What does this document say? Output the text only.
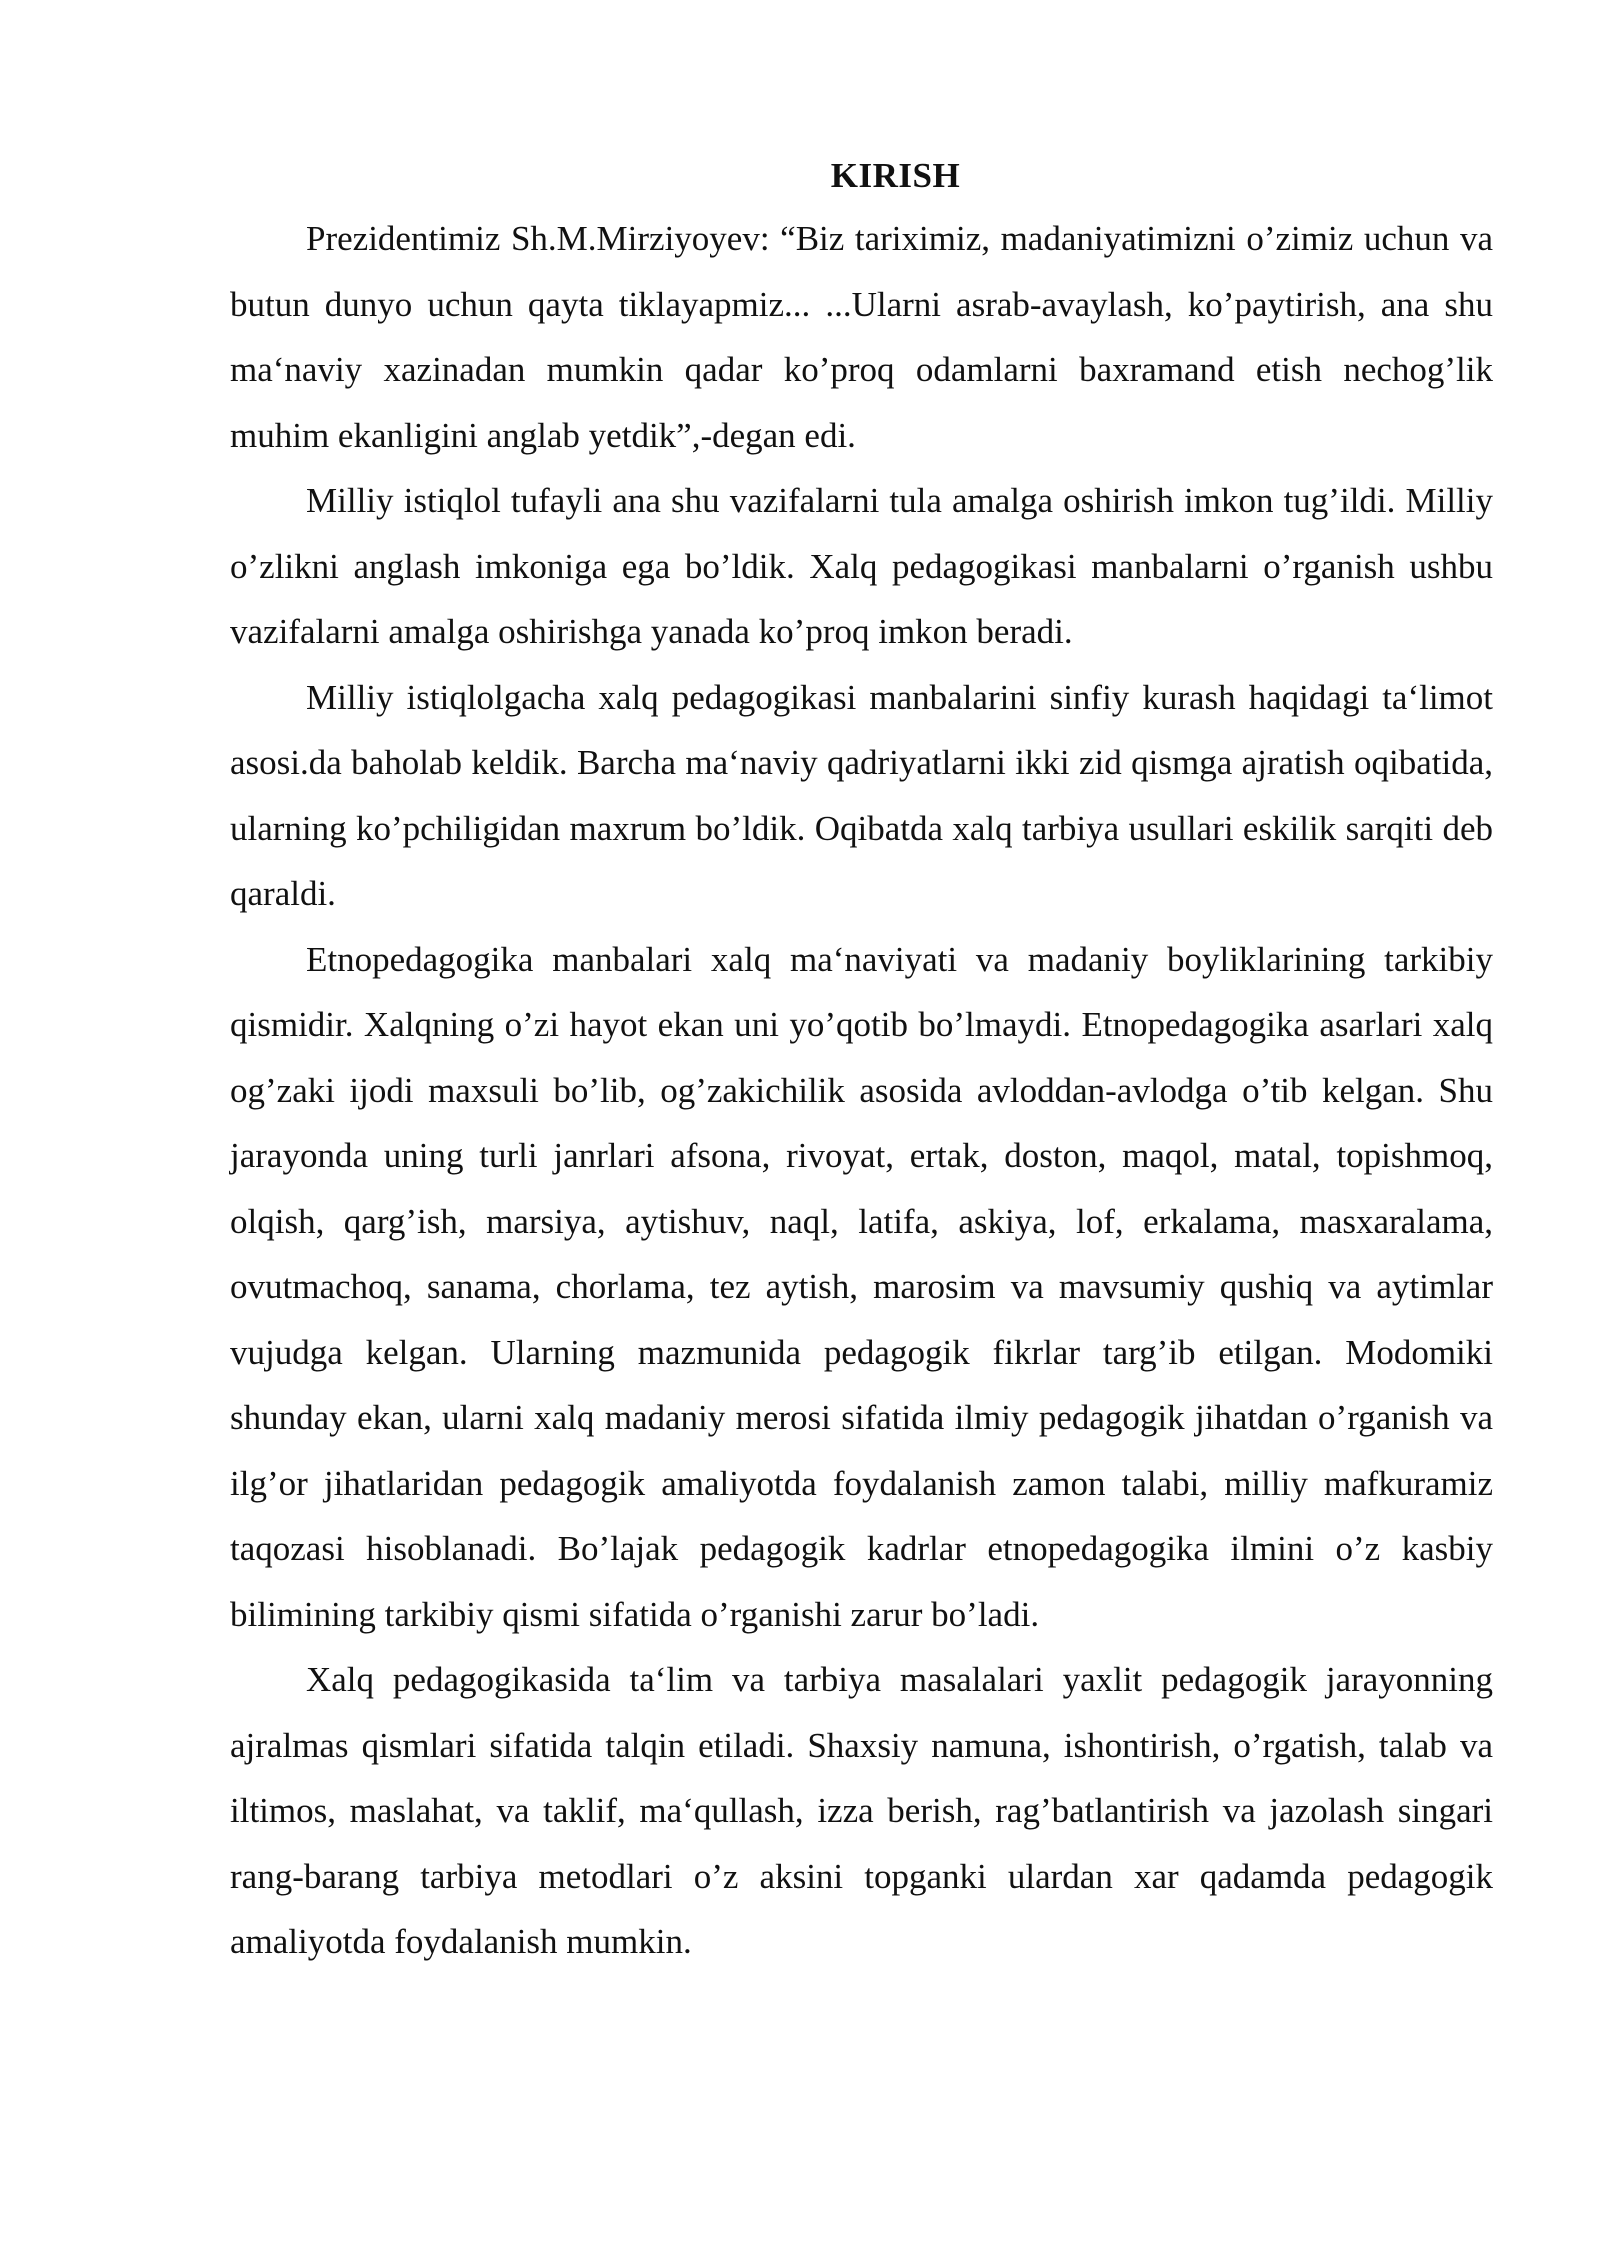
KIRISH

Prezidentimiz Sh.M.Mirziyoyev: “Biz tariximiz, madaniyatimizni o’zimiz uchun va butun dunyo uchun qayta tiklayapmiz... ...Ularni asrab-avaylash, ko’paytirish, ana shu ma‘naviy xazinadan mumkin qadar ko’proq odamlarni baxramand etish nechog’lik muhim ekanligini anglab yetdik”,-degan edi.

Milliy istiqlol tufayli ana shu vazifalarni tula amalga oshirish imkon tug’ildi. Milliy o’zlikni anglash imkoniga ega bo’ldik. Xalq pedagogikasi manbalarni o’rganish ushbu vazifalarni amalga oshirishga yanada ko’proq imkon beradi.

Milliy istiqlolgacha xalq pedagogikasi manbalarini sinfiy kurash haqidagi ta‘limot asosi.da baholab keldik. Barcha ma‘naviy qadriyatlarni ikki zid qismga ajratish oqibatida, ularning ko’pchiligidan maxrum bo’ldik. Oqibatda xalq tarbiya usullari eskilik sarqiti deb qaraldi.

Etnopedagogika manbalari xalq ma‘naviyati va madaniy boyliklarining tarkibiy qismidir. Xalqning o’zi hayot ekan uni yo’qotib bo’lmaydi. Etnopedagogika asarlari xalq og’zaki ijodi maxsuli bo’lib, og’zakichilik asosida avloddan-avlodga o’tib kelgan. Shu jarayonda uning turli janrlari afsona, rivoyat, ertak, doston, maqol, matal, topishmoq, olqish, qarg’ish, marsiya, aytishuv, naql, latifa, askiya, lof, erkalama, masxaralama, ovutmachoq, sanama, chorlama, tez aytish, marosim va mavsumiy qushiq va aytimlar vujudga kelgan. Ularning mazmunida pedagogik fikrlar targ’ib etilgan. Modomiki shunday ekan, ularni xalq madaniy merosi sifatida ilmiy pedagogik jihatdan o’rganish va ilg’or jihatlaridan pedagogik amaliyotda foydalanish zamon talabi, milliy mafkuramiz taqozasi hisoblanadi. Bo’lajak pedagogik kadrlar etnopedagogika ilmini o’z kasbiy bilimining tarkibiy qismi sifatida o’rganishi zarur bo’ladi.

Xalq pedagogikasida ta‘lim va tarbiya masalalari yaxlit pedagogik jarayonning ajralmas qismlari sifatida talqin etiladi. Shaxsiy namuna, ishontirish, o’rgatish, talab va iltimos, maslahat, va taklif, ma‘qullash, izza berish, rag’batlantirish va jazolash singari rang-barang tarbiya metodlari o’z aksini topganki ulardan xar qadamda pedagogik amaliyotda foydalanish mumkin.
